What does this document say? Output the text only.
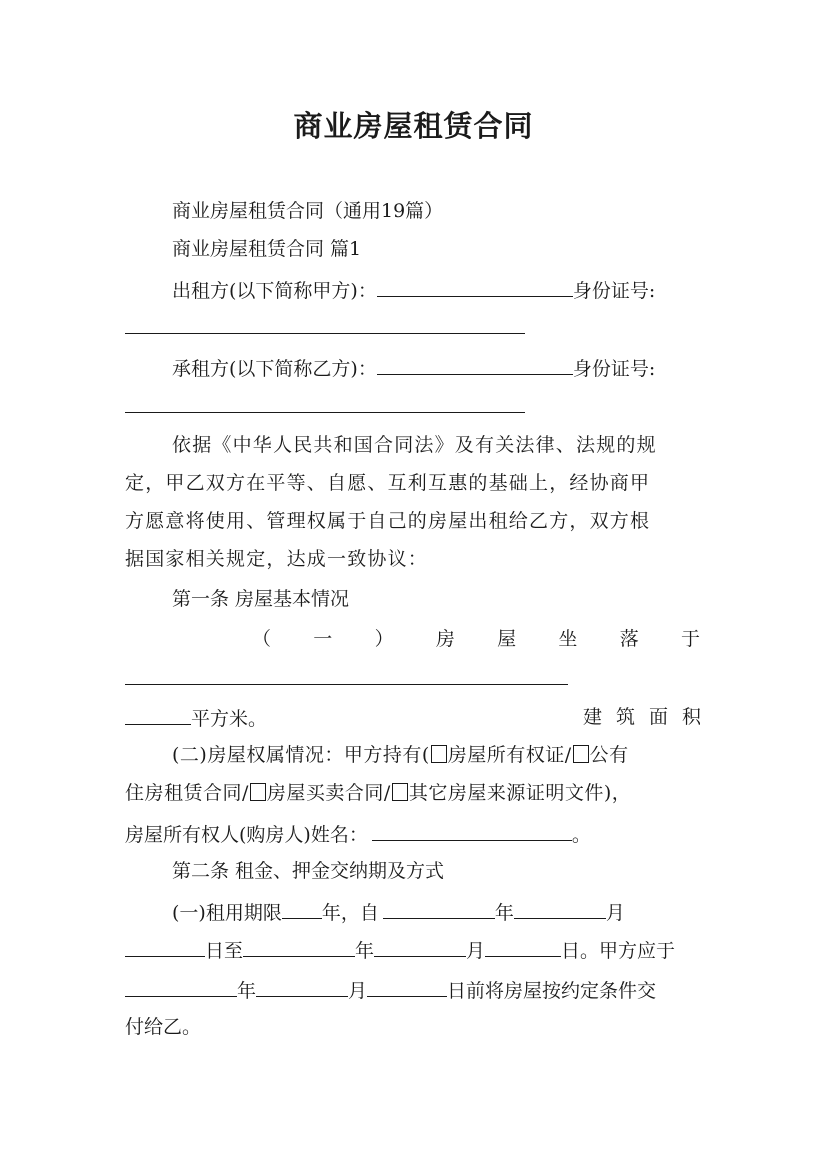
商业房屋租赁合同
商业房屋租赁合同（通用19篇）
商业房屋租赁合同 篇1
出租方(以下简称甲方)：	身份证号:
承租方(以下简称乙方)：	身份证号:
依据《中华人民共和国合同法》及有关法律、法规的规
定，甲乙双方在平等、自愿、互利互惠的基础上，经协商甲
方愿意将使用、管理权属于自己的房屋出租给乙方，双方根
据国家相关规定，达成一致协议：
第一条 房屋基本情况
（ 一 ） 房 屋 坐 落 于
建 筑 面 积
平方米。
(二)房屋权属情况：甲方持有( 房屋所有权证/ 公有
住房租赁合同/ 房屋买卖合同/ 其它房屋来源证明文件)，
房屋所有权人(购房人)姓名：	。
第二条 租金、押金交纳期及方式
(一)租用期限 年，自	年	月
日至	年	月	日。甲方应于
年	月	日前将房屋按约定条件交
付给乙。
